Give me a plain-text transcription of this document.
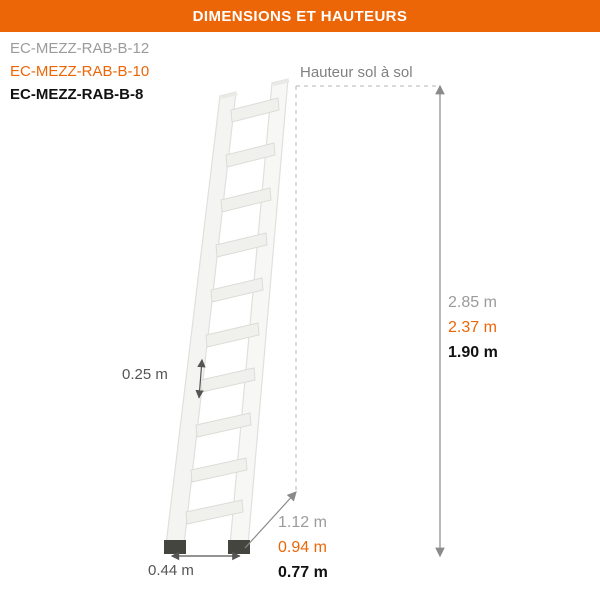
DIMENSIONS ET HAUTEURS
EC-MEZZ-RAB-B-12
EC-MEZZ-RAB-B-10
EC-MEZZ-RAB-B-8
Hauteur sol à sol
0.25 m
2.85 m
2.37 m
1.90 m
1.12 m
0.94 m
0.77 m
0.44 m
